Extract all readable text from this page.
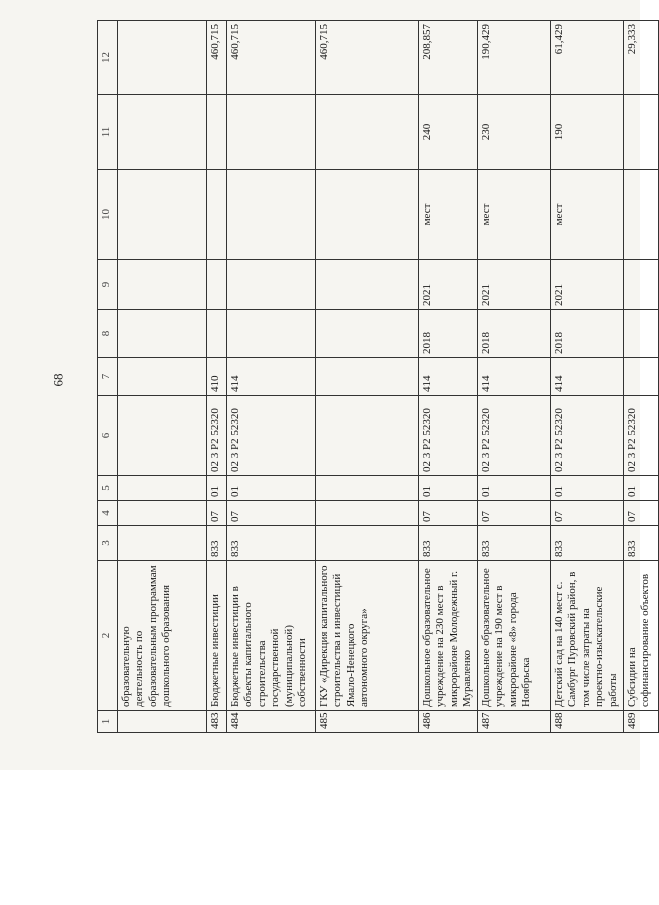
68
1	2	3	4	5	6	7	8	9	10	11	12
	образовательную деятельность по образовательным программам дошкольного образования										
483	Бюджетные инвестиции	833	07	01	02 3 P2 52320	410					460,715
484	Бюджетные инвестиции в объекты капитального строительства государственной (муниципальной) собственности	833	07	01	02 3 P2 52320	414					460,715
485	ГКУ «Дирекция капитального строительства и инвестиций Ямало-Ненецкого автономного округа»										460,715
486	Дошкольное образовательное учреждение на 230 мест в микрорайоне Молодежный г. Муравленко	833	07	01	02 3 P2 52320	414	2018	2021	мест	240	208,857
487	Дошкольное образовательное учреждение на 190 мест в микрорайоне «8» города Ноябрьска	833	07	01	02 3 P2 52320	414	2018	2021	мест	230	190,429
488	Детский сад на 140 мест с. Самбург Пуровский район, в том числе затраты на проектно-изыскательские работы	833	07	01	02 3 P2 52320	414	2018	2021	мест	190	61,429
489	Субсидии на софинансирование объектов	833	07	01	02 3 P2 52320						29,333
